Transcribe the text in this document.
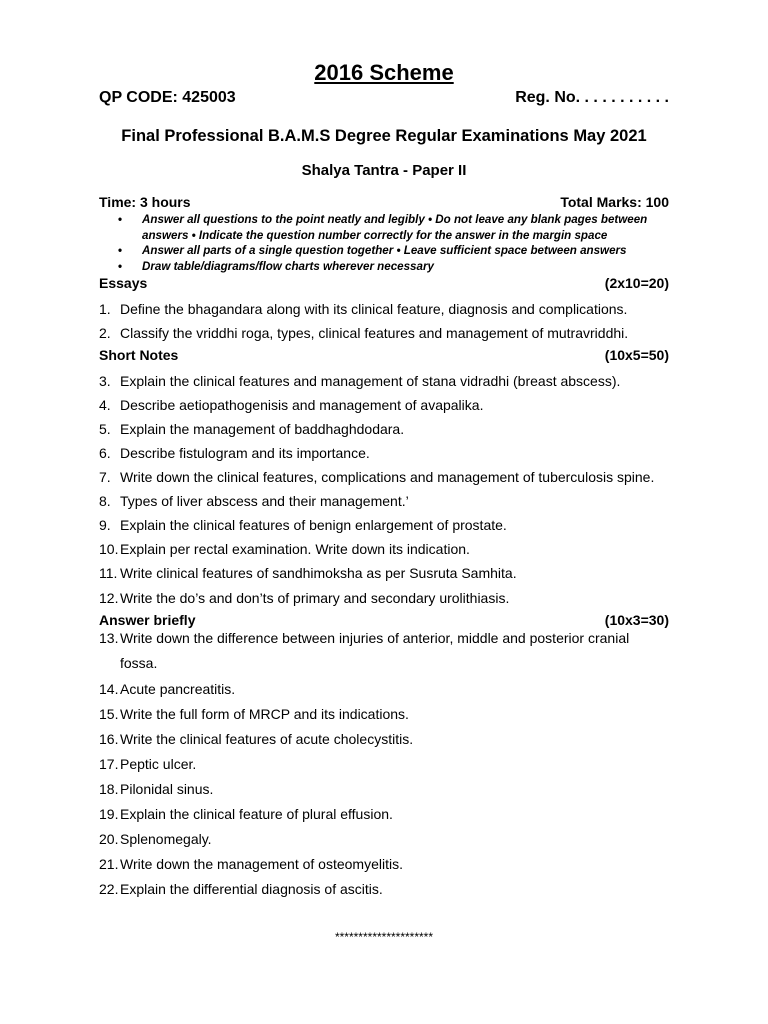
2016 Scheme
QP CODE: 425003	Reg. No. . . . . . . . . . .
Final Professional B.A.M.S Degree Regular Examinations May 2021
Shalya Tantra - Paper II
Time: 3 hours	Total Marks: 100
• Answer all questions to the point neatly and legibly • Do not leave any blank pages between answers • Indicate the question number correctly for the answer in the margin space
• Answer all parts of a single question together • Leave sufficient space between answers
• Draw table/diagrams/flow charts wherever necessary
Essays	(2x10=20)
1. Define the bhagandara along with its clinical feature, diagnosis and complications.
2. Classify the vriddhi roga, types, clinical features and management of mutravriddhi.
Short Notes	(10x5=50)
3. Explain the clinical features and management of stana vidradhi (breast abscess).
4. Describe aetiopathogenisis and management of avapalika.
5. Explain the management of baddhaghdodara.
6. Describe fistulogram and its importance.
7. Write down the clinical features, complications and management of tuberculosis spine.
8. Types of liver abscess and their management.’
9. Explain the clinical features of benign enlargement of prostate.
10. Explain per rectal examination. Write down its indication.
11. Write clinical features of sandhimoksha as per Susruta Samhita.
12. Write the do’s and don’ts of primary and secondary urolithiasis.
Answer briefly	(10x3=30)
13. Write down the difference between injuries of anterior, middle and posterior cranial fossa.
14. Acute pancreatitis.
15. Write the full form of MRCP and its indications.
16. Write the clinical features of acute cholecystitis.
17. Peptic ulcer.
18. Pilonidal sinus.
19. Explain the clinical feature of plural effusion.
20. Splenomegaly.
21. Write down the management of osteomyelitis.
22. Explain the differential diagnosis of ascitis.
*********************
